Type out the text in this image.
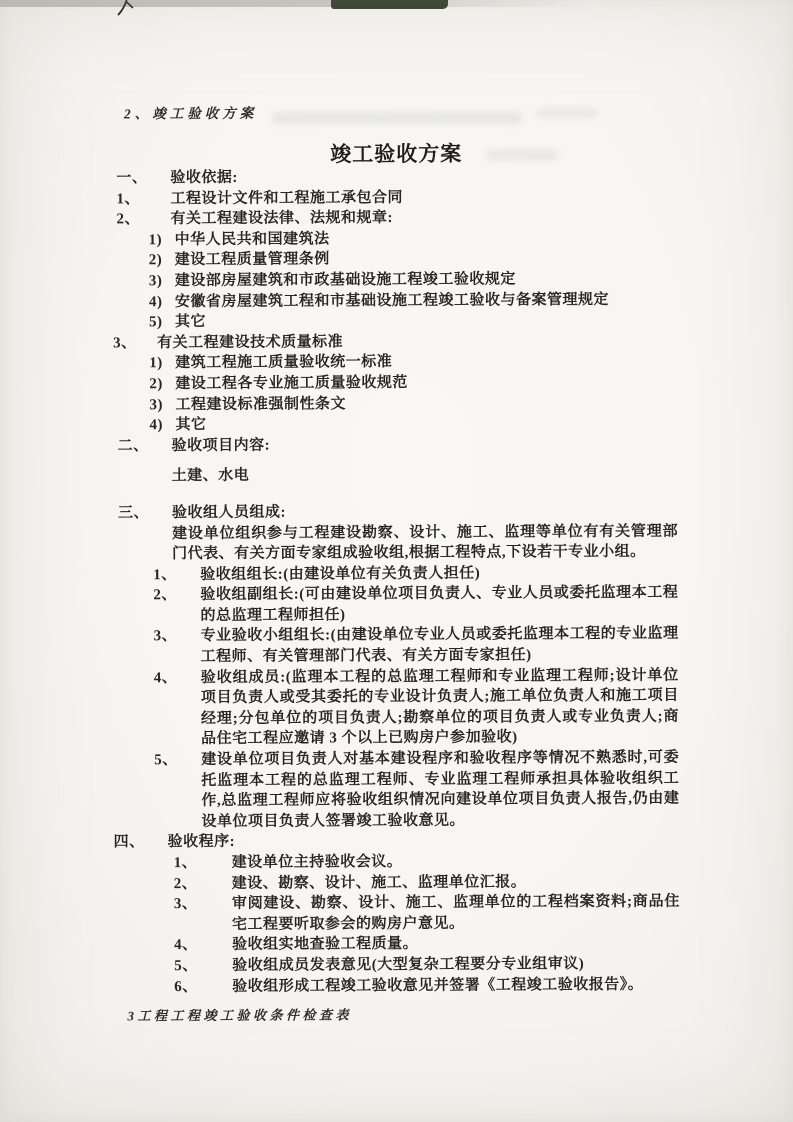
2、竣工验收方案
竣工验收方案
一、	验收依据:
1、	工程设计文件和工程施工承包合同
2、	有关工程建设法律、法规和规章:
1) 中华人民共和国建筑法
2) 建设工程质量管理条例
3) 建设部房屋建筑和市政基础设施工程竣工验收规定
4) 安徽省房屋建筑工程和市基础设施工程竣工验收与备案管理规定
5) 其它
3、	有关工程建设技术质量标准
1) 建筑工程施工质量验收统一标准
2) 建设工程各专业施工质量验收规范
3) 工程建设标准强制性条文
4) 其它
二、	验收项目内容:
土建、水电
三、	验收组人员组成:
建设单位组织参与工程建设勘察、设计、施工、监理等单位有有关管理部门代表、有关方面专家组成验收组,根据工程特点,下设若干专业小组。
1、	验收组组长:(由建设单位有关负责人担任)
2、	验收组副组长:(可由建设单位项目负责人、专业人员或委托监理本工程的总监理工程师担任)
3、	专业验收小组组长:(由建设单位专业人员或委托监理本工程的专业监理工程师、有关管理部门代表、有关方面专家担任)
4、	验收组成员:(监理本工程的总监理工程师和专业监理工程师;设计单位项目负责人或受其委托的专业设计负责人;施工单位负责人和施工项目经理;分包单位的项目负责人;勘察单位的项目负责人或专业负责人;商品住宅工程应邀请 3 个以上已购房户参加验收)
5、	建设单位项目负责人对基本建设程序和验收程序等情况不熟悉时,可委托监理本工程的总监理工程师、专业监理工程师承担具体验收组织工作,总监理工程师应将验收组织情况向建设单位项目负责人报告,仍由建设单位项目负责人签署竣工验收意见。
四、	验收程序:
1、	建设单位主持验收会议。
2、	建设、勘察、设计、施工、监理单位汇报。
3、	审阅建设、勘察、设计、施工、监理单位的工程档案资料;商品住宅工程要听取参会的购房户意见。
4、	验收组实地查验工程质量。
5、	验收组成员发表意见(大型复杂工程要分专业组审议)
6、	验收组形成工程竣工验收意见并签署《工程竣工验收报告》。
3工程工程竣工验收条件检查表
